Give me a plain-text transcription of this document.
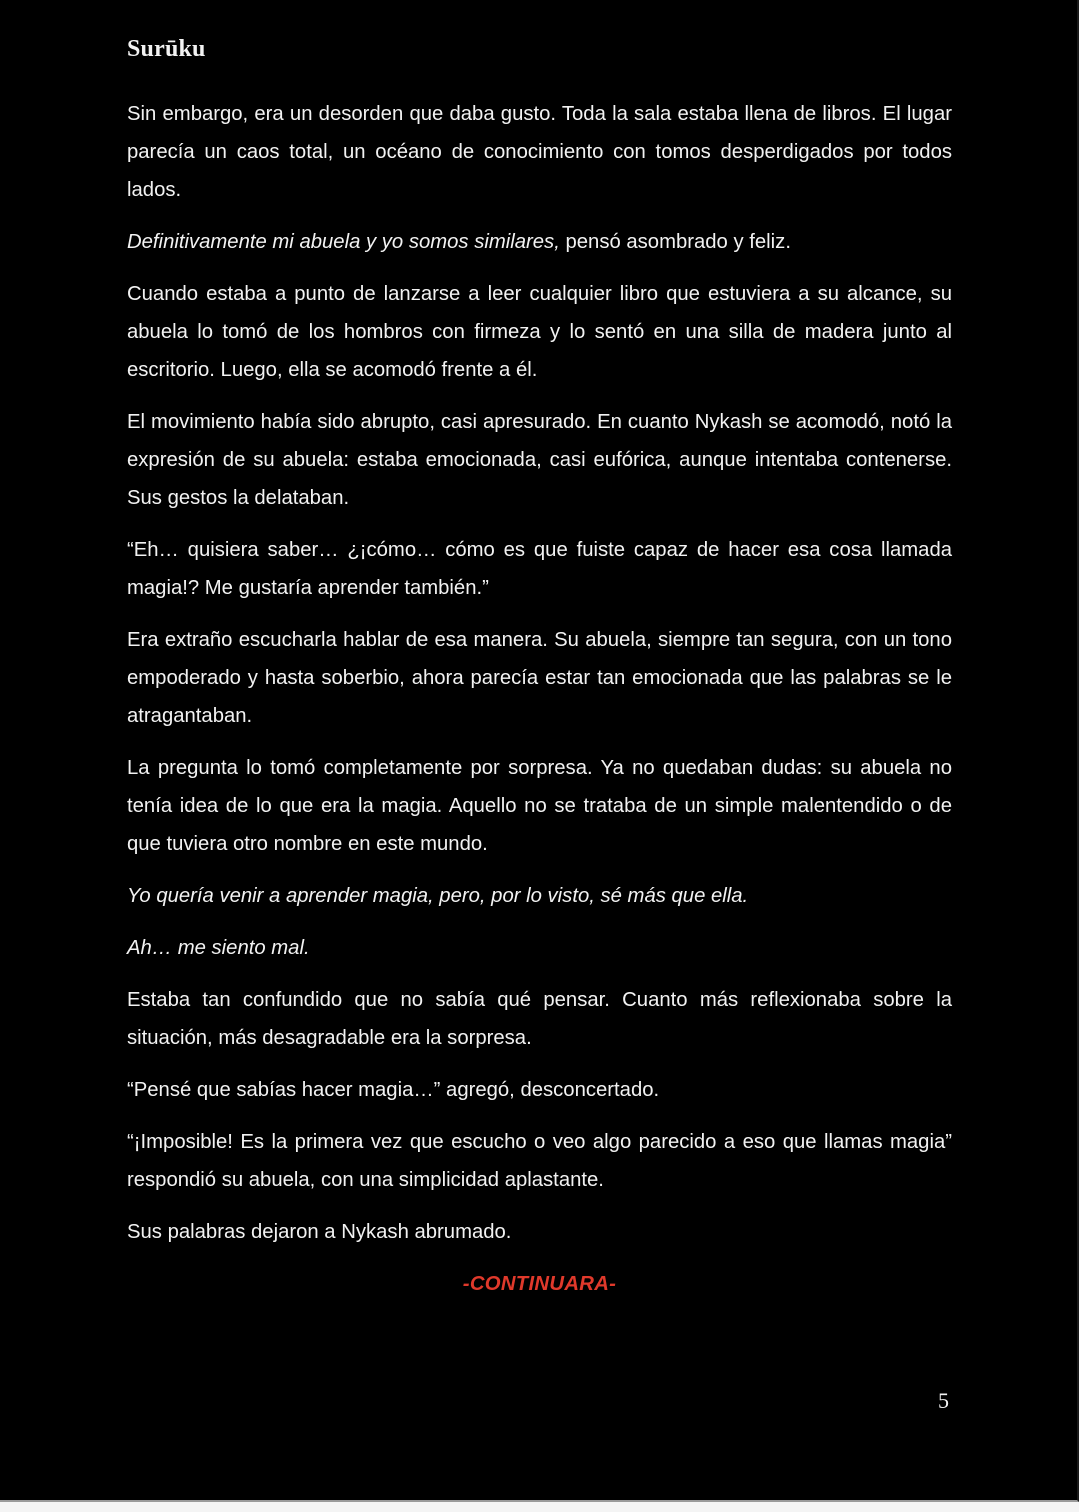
Surūku

Sin embargo, era un desorden que daba gusto. Toda la sala estaba llena de libros. El lugar parecía un caos total, un océano de conocimiento con tomos desperdigados por todos lados.

Definitivamente mi abuela y yo somos similares, pensó asombrado y feliz.

Cuando estaba a punto de lanzarse a leer cualquier libro que estuviera a su alcance, su abuela lo tomó de los hombros con firmeza y lo sentó en una silla de madera junto al escritorio. Luego, ella se acomodó frente a él.

El movimiento había sido abrupto, casi apresurado. En cuanto Nykash se acomodó, notó la expresión de su abuela: estaba emocionada, casi eufórica, aunque intentaba contenerse. Sus gestos la delataban.

“Eh… quisiera saber… ¿¡cómo… cómo es que fuiste capaz de hacer esa cosa llamada magia!? Me gustaría aprender también.”

Era extraño escucharla hablar de esa manera. Su abuela, siempre tan segura, con un tono empoderado y hasta soberbio, ahora parecía estar tan emocionada que las palabras se le atragantaban.

La pregunta lo tomó completamente por sorpresa. Ya no quedaban dudas: su abuela no tenía idea de lo que era la magia. Aquello no se trataba de un simple malentendido o de que tuviera otro nombre en este mundo.

Yo quería venir a aprender magia, pero, por lo visto, sé más que ella.

Ah… me siento mal.

Estaba tan confundido que no sabía qué pensar. Cuanto más reflexionaba sobre la situación, más desagradable era la sorpresa.

“Pensé que sabías hacer magia…” agregó, desconcertado.

“¡Imposible! Es la primera vez que escucho o veo algo parecido a eso que llamas magia” respondió su abuela, con una simplicidad aplastante.

Sus palabras dejaron a Nykash abrumado.

-CONTINUARA-

5
